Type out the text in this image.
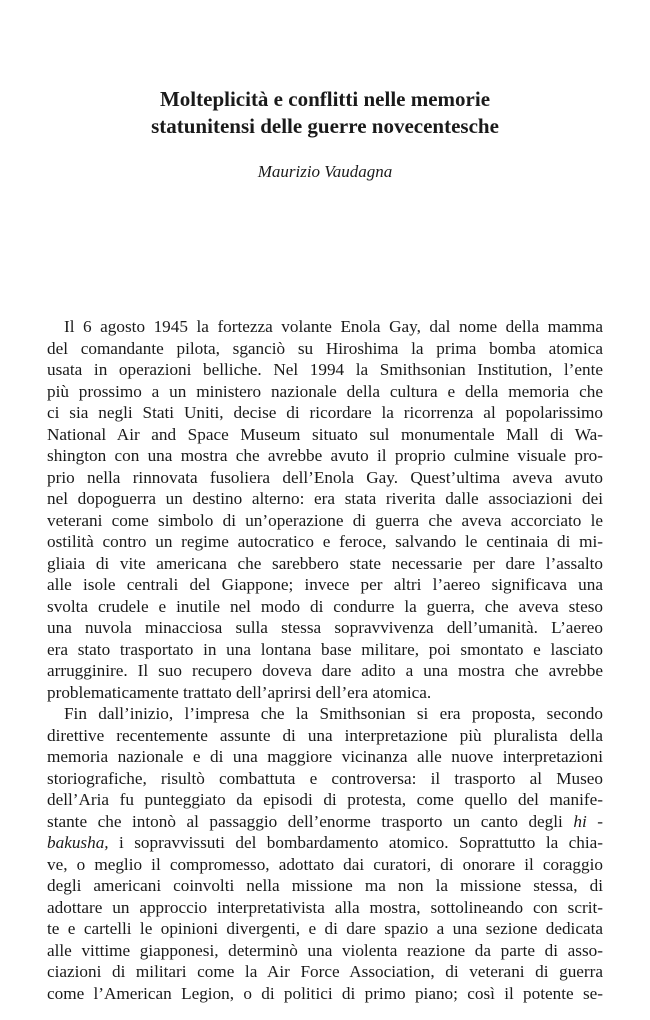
Molteplicità e conflitti nelle memorie
statunitensi delle guerre novecentesche
Maurizio Vaudagna
Il 6 agosto 1945 la fortezza volante Enola Gay, dal nome della mamma
del comandante pilota, sganciò su Hiroshima la prima bomba atomica
usata in operazioni belliche. Nel 1994 la Smithsonian Institution, l’ente
più prossimo a un ministero nazionale della cultura e della memoria che
ci sia negli Stati Uniti, decise di ricordare la ricorrenza al popolarissimo
National Air and Space Museum situato sul monumentale Mall di Wa-
shington con una mostra che avrebbe avuto il proprio culmine visuale pro-
prio nella rinnovata fusoliera dell’Enola Gay. Quest’ultima aveva avuto
nel dopoguerra un destino alterno: era stata riverita dalle associazioni dei
veterani come simbolo di un’operazione di guerra che aveva accorciato le
ostilità contro un regime autocratico e feroce, salvando le centinaia di mi-
gliaia di vite americana che sarebbero state necessarie per dare l’assalto
alle isole centrali del Giappone; invece per altri l’aereo significava una
svolta crudele e inutile nel modo di condurre la guerra, che aveva steso
una nuvola minacciosa sulla stessa sopravvivenza dell’umanità. L’aereo
era stato trasportato in una lontana base militare, poi smontato e lasciato
arrugginire. Il suo recupero doveva dare adito a una mostra che avrebbe
problematicamente trattato dell’aprirsi dell’era atomica.
Fin dall’inizio, l’impresa che la Smithsonian si era proposta, secondo
direttive recentemente assunte di una interpretazione più pluralista della
memoria nazionale e di una maggiore vicinanza alle nuove interpretazioni
storiografiche, risultò combattuta e controversa: il trasporto al Museo
dell’Aria fu punteggiato da episodi di protesta, come quello del manife-
stante che intonò al passaggio dell’enorme trasporto un canto degli hi -
bakusha, i sopravvissuti del bombardamento atomico. Soprattutto la chia-
ve, o meglio il compromesso, adottato dai curatori, di onorare il coraggio
degli americani coinvolti nella missione ma non la missione stessa, di
adottare un approccio interpretativista alla mostra, sottolineando con scrit-
te e cartelli le opinioni divergenti, e di dare spazio a una sezione dedicata
alle vittime giapponesi, determinò una violenta reazione da parte di asso-
ciazioni di militari come la Air Force Association, di veterani di guerra
come l’American Legion, o di politici di primo piano; così il potente se-
